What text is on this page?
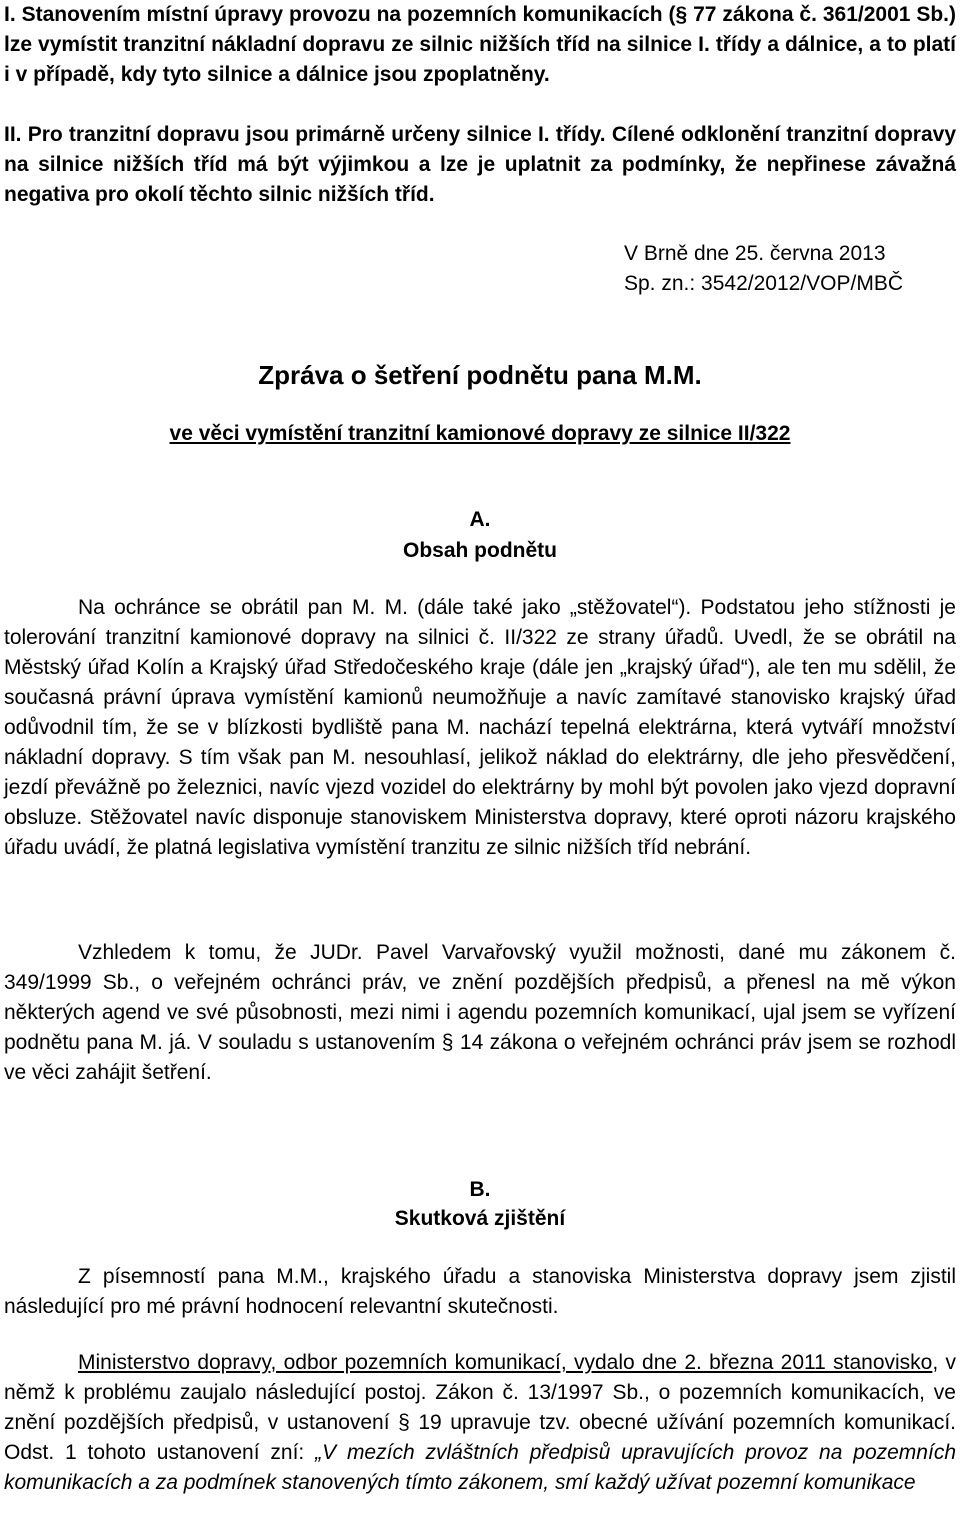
I. Stanovením místní úpravy provozu na pozemních komunikacích (§ 77 zákona č. 361/2001 Sb.) lze vymístit tranzitní nákladní dopravu ze silnic nižších tříd na silnice I. třídy a dálnice, a to platí i v případě, kdy tyto silnice a dálnice jsou zpoplatněny.

II. Pro tranzitní dopravu jsou primárně určeny silnice I. třídy. Cílené odklonění tranzitní dopravy na silnice nižších tříd má být výjimkou a lze je uplatnit za podmínky, že nepřinese závažná negativa pro okolí těchto silnic nižších tříd.

V Brně dne 25. června 2013
Sp. zn.: 3542/2012/VOP/MBČ
Zpráva o šetření podnětu pana M.M.
ve věci vymístění tranzitní kamionové dopravy ze silnice II/322
A.
Obsah podnětu

Na ochránce se obrátil pan M. M. (dále také jako „stěžovatel“). Podstatou jeho stížnosti je tolerování tranzitní kamionové dopravy na silnici č. II/322 ze strany úřadů. Uvedl, že se obrátil na Městský úřad Kolín a Krajský úřad Středočeského kraje (dále jen „krajský úřad“), ale ten mu sdělil, že současná právní úprava vymístění kamionů neumožňuje a navíc zamítavé stanovisko krajský úřad odůvodnil tím, že se v blízkosti bydliště pana M. nachází tepelná elektrárna, která vytváří množství nákladní dopravy. S tím však pan M. nesouhlasí, jelikož náklad do elektrárny, dle jeho přesvědčení, jezdí převážně po železnici, navíc vjezd vozidel do elektrárny by mohl být povolen jako vjezd dopravní obsluze. Stěžovatel navíc disponuje stanoviskem Ministerstva dopravy, které oproti názoru krajského úřadu uvádí, že platná legislativa vymístění tranzitu ze silnic nižších tříd nebrání.

Vzhledem k tomu, že JUDr. Pavel Varvařovský využil možnosti, dané mu zákonem č. 349/1999 Sb., o veřejném ochránci práv, ve znění pozdějších předpisů, a přenesl na mě výkon některých agend ve své působnosti, mezi nimi i agendu pozemních komunikací, ujal jsem se vyřízení podnětu pana M. já. V souladu s ustanovením § 14 zákona o veřejném ochránci práv jsem se rozhodl ve věci zahájit šetření.

B.
Skutková zjištění

Z písemností pana M.M., krajského úřadu a stanoviska Ministerstva dopravy jsem zjistil následující pro mé právní hodnocení relevantní skutečnosti.

Ministerstvo dopravy, odbor pozemních komunikací, vydalo dne 2. března 2011 stanovisko, v němž k problému zaujalo následující postoj. Zákon č. 13/1997 Sb., o pozemních komunikacích, ve znění pozdějších předpisů, v ustanovení § 19 upravuje tzv. obecné užívání pozemních komunikací. Odst. 1 tohoto ustanovení zní: „V mezích zvláštních předpisů upravujících provoz na pozemních komunikacích a za podmínek stanovených tímto zákonem, smí každý užívat pozemní komunikace
